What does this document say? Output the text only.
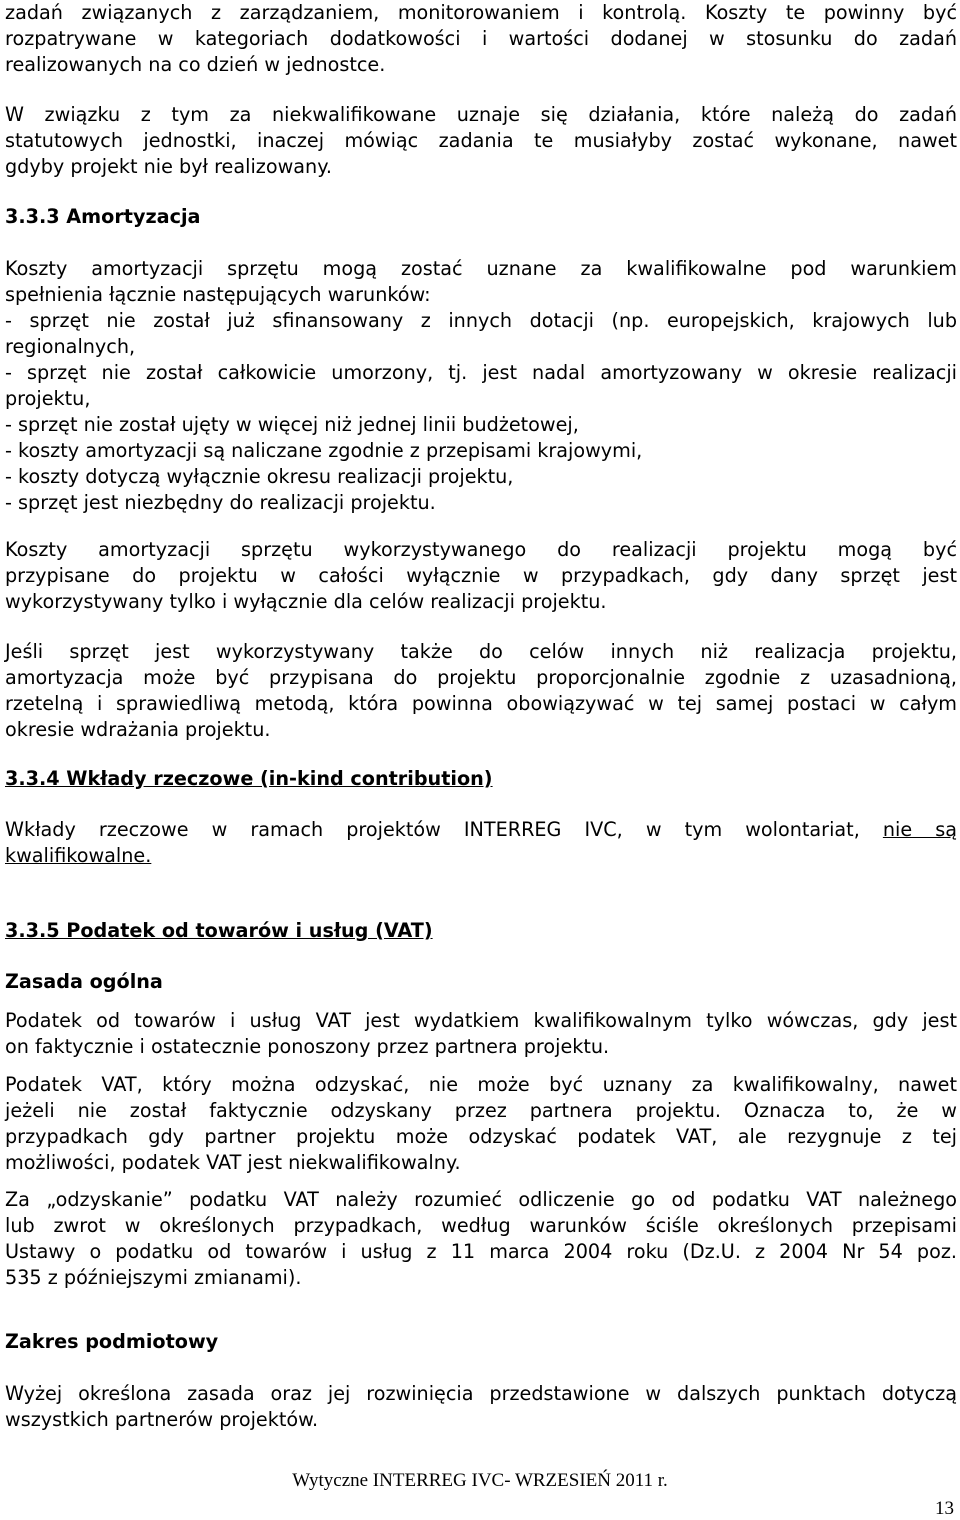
zadań związanych z zarządzaniem, monitorowaniem i kontrolą. Koszty te powinny być
rozpatrywane w kategoriach dodatkowości i wartości dodanej w stosunku do zadań
realizowanych na co dzień w jednostce.
W związku z tym za niekwalifikowane uznaje się działania, które należą do zadań
statutowych jednostki, inaczej mówiąc zadania te musiałyby zostać wykonane, nawet
gdyby projekt nie był realizowany.
3.3.3 Amortyzacja
Koszty amortyzacji sprzętu mogą zostać uznane za kwalifikowalne pod warunkiem
spełnienia łącznie następujących warunków:
- sprzęt nie został już sfinansowany z innych dotacji (np. europejskich, krajowych lub
regionalnych,
- sprzęt nie został całkowicie umorzony, tj. jest nadal amortyzowany w okresie realizacji
projektu,
- sprzęt nie został ujęty w więcej niż jednej linii budżetowej,
- koszty amortyzacji są naliczane zgodnie z przepisami krajowymi,
- koszty dotyczą wyłącznie okresu realizacji projektu,
- sprzęt jest niezbędny do realizacji projektu.
Koszty amortyzacji sprzętu wykorzystywanego do realizacji projektu mogą być
przypisane do projektu w całości wyłącznie w przypadkach, gdy dany sprzęt jest
wykorzystywany tylko i wyłącznie dla celów realizacji projektu.
Jeśli sprzęt jest wykorzystywany także do celów innych niż realizacja projektu,
amortyzacja może być przypisana do projektu proporcjonalnie zgodnie z uzasadnioną,
rzetelną i sprawiedliwą metodą, która powinna obowiązywać w tej samej postaci w całym
okresie wdrażania projektu.
3.3.4 Wkłady rzeczowe (in-kind contribution)
Wkłady rzeczowe w ramach projektów INTERREG IVC, w tym wolontariat, nie są
kwalifikowalne.
3.3.5 Podatek od towarów i usług (VAT)
Zasada ogólna
Podatek od towarów i usług VAT jest wydatkiem kwalifikowalnym tylko wówczas, gdy jest
on faktycznie i ostatecznie ponoszony przez partnera projektu.
Podatek VAT, który można odzyskać, nie może być uznany za kwalifikowalny, nawet
jeżeli nie został faktycznie odzyskany przez partnera projektu. Oznacza to, że w
przypadkach gdy partner projektu może odzyskać podatek VAT, ale rezygnuje z tej
możliwości, podatek VAT jest niekwalifikowalny.
Za „odzyskanie” podatku VAT należy rozumieć odliczenie go od podatku VAT należnego
lub zwrot w określonych przypadkach, według warunków ściśle określonych przepisami
Ustawy o podatku od towarów i usług z 11 marca 2004 roku (Dz.U. z 2004 Nr 54 poz.
535 z późniejszymi zmianami).
Zakres podmiotowy
Wyżej określona zasada oraz jej rozwinięcia przedstawione w dalszych punktach dotyczą
wszystkich partnerów projektów.
Wytyczne INTERREG IVC- WRZESIEŃ 2011 r.
13
